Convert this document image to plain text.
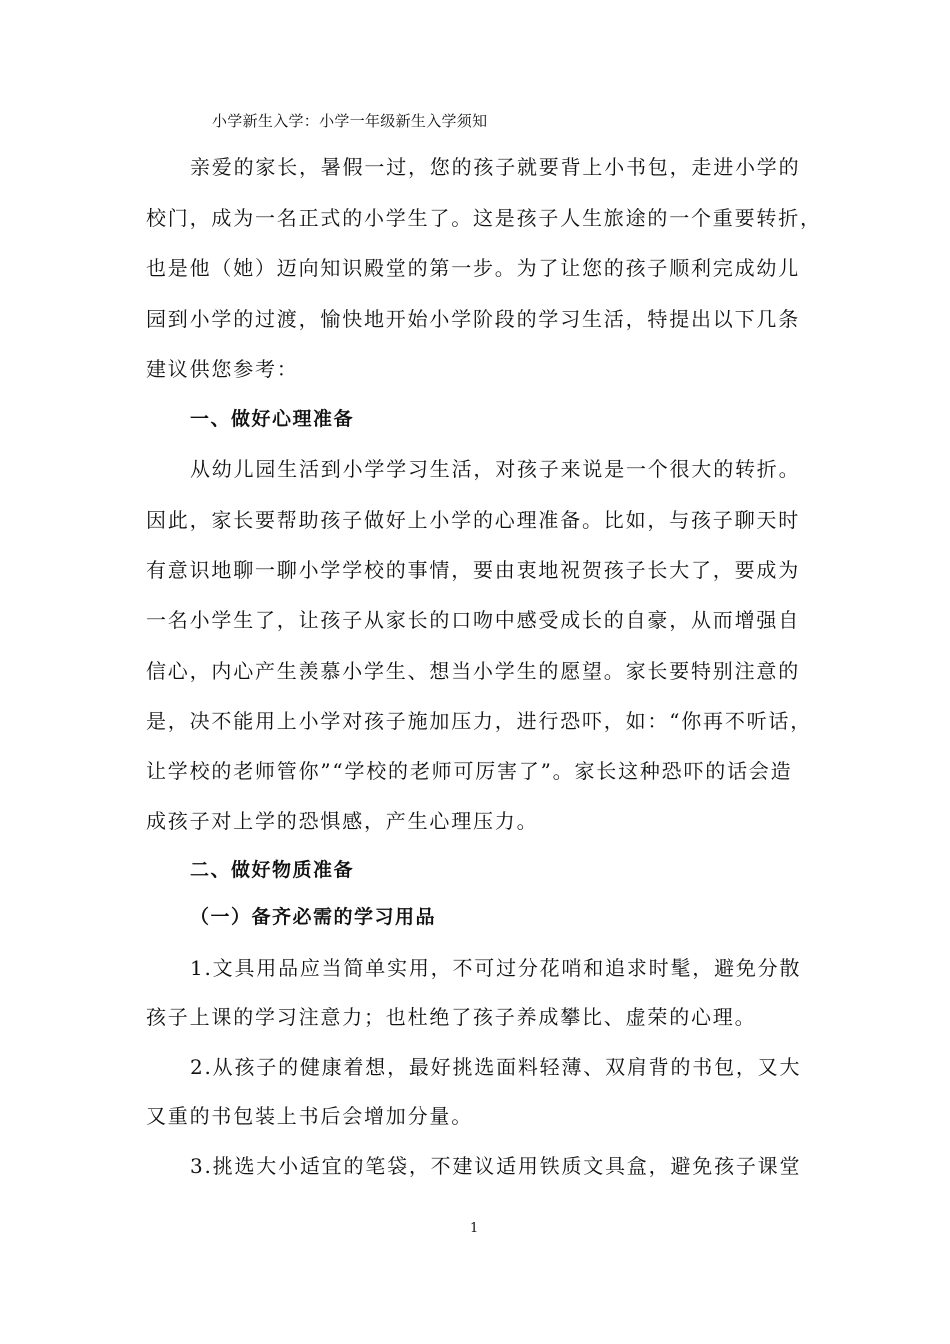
小学新生入学：小学一年级新生入学须知
亲爱的家长，暑假一过，您的孩子就要背上小书包，走进小学的
校门，成为一名正式的小学生了。这是孩子人生旅途的一个重要转折，
也是他（她）迈向知识殿堂的第一步。为了让您的孩子顺利完成幼儿
园到小学的过渡，愉快地开始小学阶段的学习生活，特提出以下几条
建议供您参考：
一、做好心理准备
从幼儿园生活到小学学习生活，对孩子来说是一个很大的转折。
因此，家长要帮助孩子做好上小学的心理准备。比如，与孩子聊天时
有意识地聊一聊小学学校的事情，要由衷地祝贺孩子长大了，要成为
一名小学生了，让孩子从家长的口吻中感受成长的自豪，从而增强自
信心，内心产生羡慕小学生、想当小学生的愿望。家长要特别注意的
是，决不能用上小学对孩子施加压力，进行恐吓，如：“你再不听话，
让学校的老师管你”“学校的老师可厉害了”。家长这种恐吓的话会造
成孩子对上学的恐惧感，产生心理压力。
二、做好物质准备
（一）备齐必需的学习用品
1.文具用品应当简单实用，不可过分花哨和追求时髦，避免分散
孩子上课的学习注意力；也杜绝了孩子养成攀比、虚荣的心理。
2.从孩子的健康着想，最好挑选面料轻薄、双肩背的书包，又大
又重的书包装上书后会增加分量。
3.挑选大小适宜的笔袋，不建议适用铁质文具盒，避免孩子课堂
1
